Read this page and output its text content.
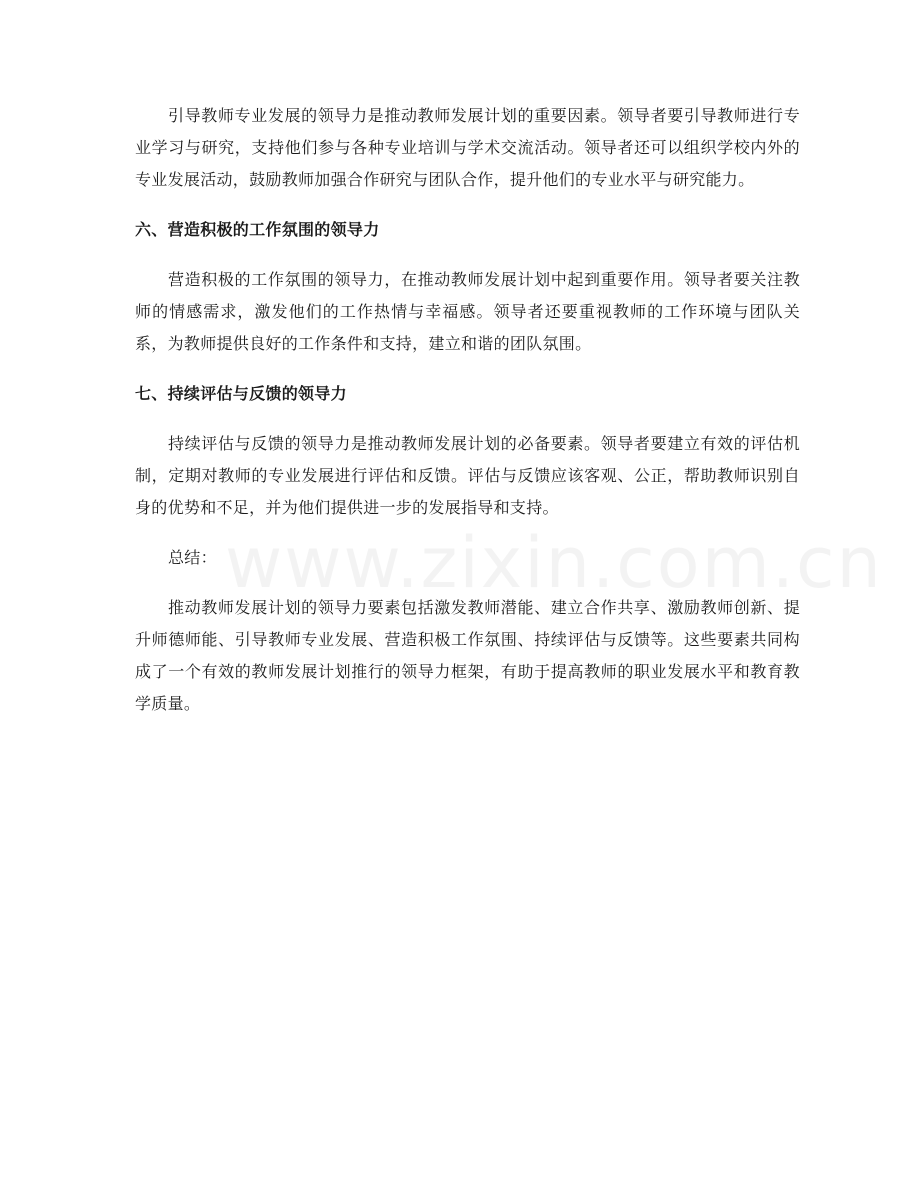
www.zixin.com.cn

引导教师专业发展的领导力是推动教师发展计划的重要因素。领导者要引导教师进行专业学习与研究，支持他们参与各种专业培训与学术交流活动。领导者还可以组织学校内外的专业发展活动，鼓励教师加强合作研究与团队合作，提升他们的专业水平与研究能力。

六、营造积极的工作氛围的领导力

营造积极的工作氛围的领导力，在推动教师发展计划中起到重要作用。领导者要关注教师的情感需求，激发他们的工作热情与幸福感。领导者还要重视教师的工作环境与团队关系，为教师提供良好的工作条件和支持，建立和谐的团队氛围。

七、持续评估与反馈的领导力

持续评估与反馈的领导力是推动教师发展计划的必备要素。领导者要建立有效的评估机制，定期对教师的专业发展进行评估和反馈。评估与反馈应该客观、公正，帮助教师识别自身的优势和不足，并为他们提供进一步的发展指导和支持。

总结：

推动教师发展计划的领导力要素包括激发教师潜能、建立合作共享、激励教师创新、提升师德师能、引导教师专业发展、营造积极工作氛围、持续评估与反馈等。这些要素共同构成了一个有效的教师发展计划推行的领导力框架，有助于提高教师的职业发展水平和教育教学质量。
